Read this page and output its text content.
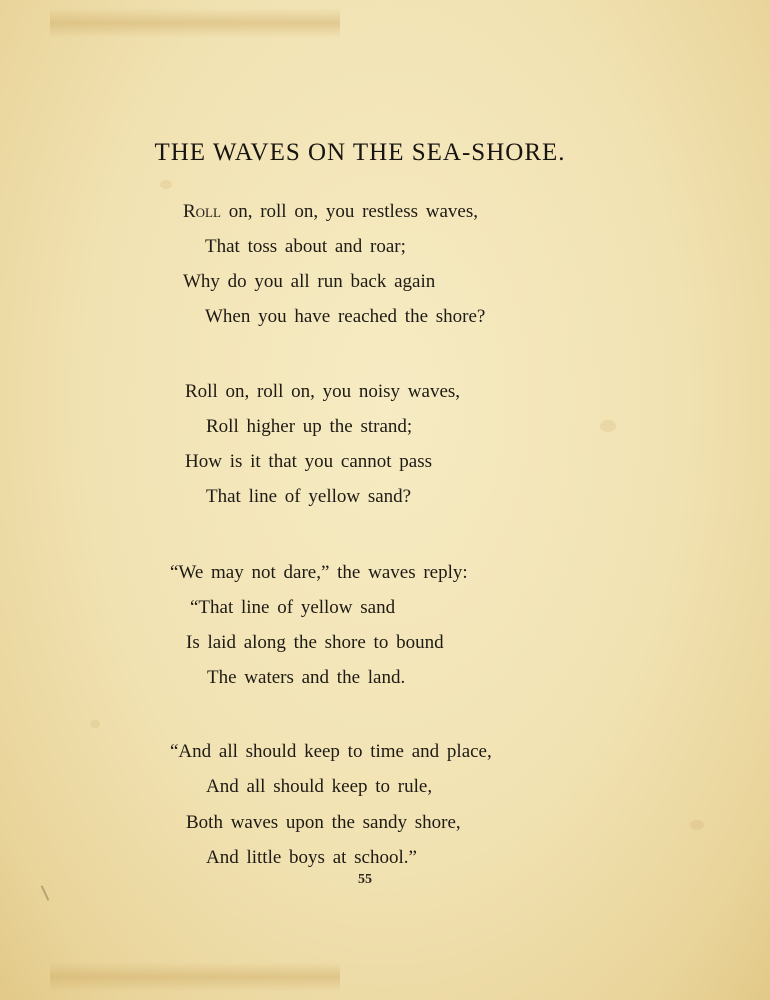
THE WAVES ON THE SEA-SHORE.
Roll on, roll on, you restless waves,
That toss about and roar;
Why do you all run back again
When you have reached the shore?
Roll on, roll on, you noisy waves,
Roll higher up the strand;
How is it that you cannot pass
That line of yellow sand?
“We may not dare,” the waves reply:
“That line of yellow sand
Is laid along the shore to bound
The waters and the land.
“And all should keep to time and place,
And all should keep to rule,
Both waves upon the sandy shore,
And little boys at school.”
55
